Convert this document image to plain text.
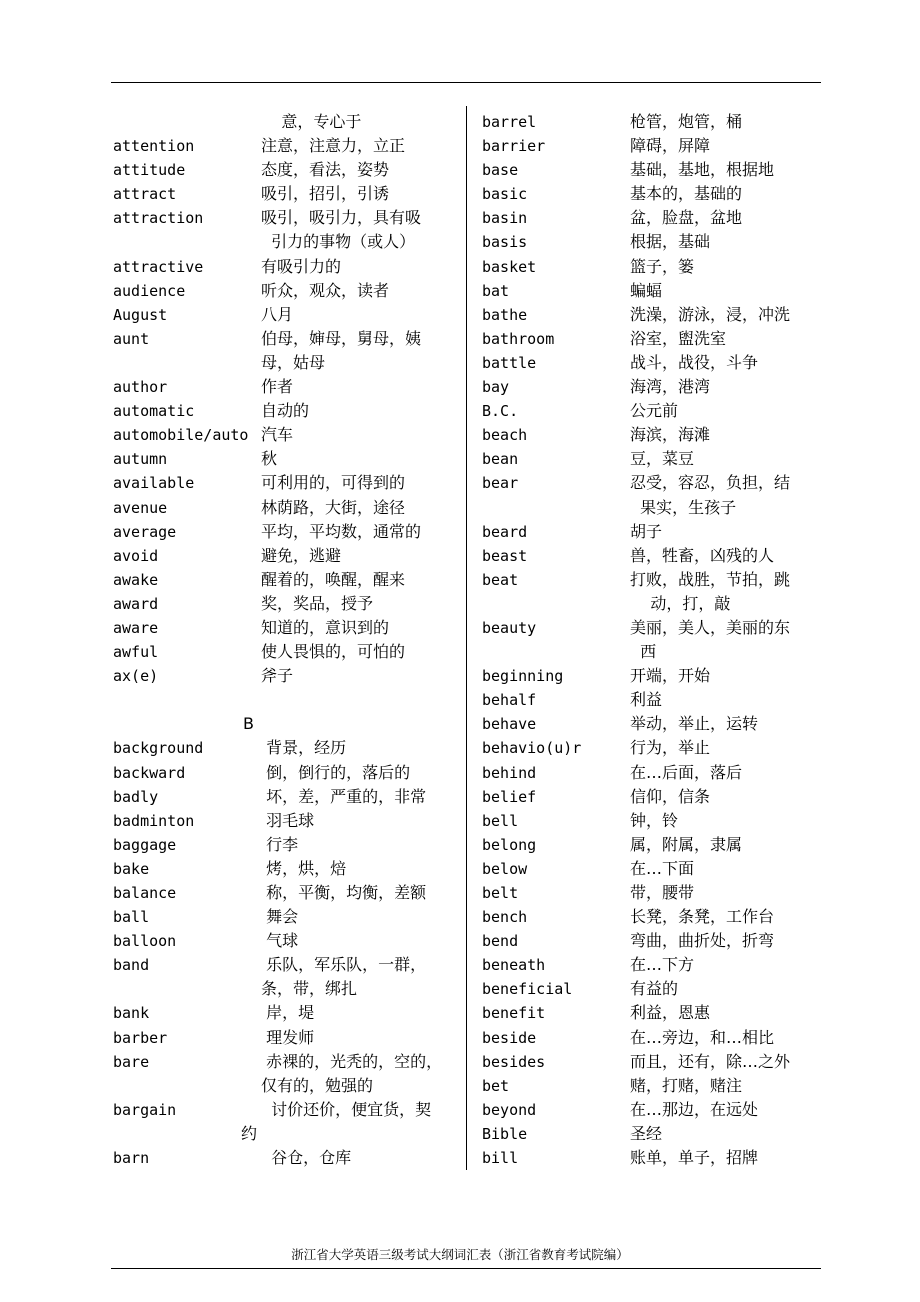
意，专心于
attention	注意，注意力，立正
attitude	态度，看法，姿势
attract	吸引，招引，引诱
attraction	吸引，吸引力，具有吸
引力的事物（或人）
attractive	有吸引力的
audience	听众，观众，读者
August	八月
aunt	伯母，婶母，舅母，姨
母，姑母
author	作者
automatic	自动的
automobile/auto 汽车
autumn	秋
available	可利用的，可得到的
avenue	林荫路，大街，途径
average	平均，平均数，通常的
avoid	避免，逃避
awake	醒着的，唤醒，醒来
award	奖，奖品，授予
aware	知道的，意识到的
awful	使人畏惧的，可怕的
ax(e)	斧子
B
background	背景，经历
backward	倒，倒行的，落后的
badly	坏，差，严重的，非常
badminton	羽毛球
baggage	行李
bake	烤，烘，焙
balance	称，平衡，均衡，差额
ball	舞会
balloon	气球
band	乐队，军乐队，一群，
条，带，绑扎
bank	岸，堤
barber	理发师
bare	赤裸的，光秃的，空的，
仅有的，勉强的
bargain	讨价还价，便宜货，契
约
barn	谷仓，仓库
barrel	枪管，炮管，桶
barrier	障碍，屏障
base	基础，基地，根据地
basic	基本的，基础的
basin	盆，脸盘，盆地
basis	根据，基础
basket	篮子，篓
bat	蝙蝠
bathe	洗澡，游泳，浸，冲洗
bathroom	浴室，盥洗室
battle	战斗，战役，斗争
bay	海湾，港湾
B.C.	公元前
beach	海滨，海滩
bean	豆，菜豆
bear	忍受，容忍，负担，结
果实，生孩子
beard	胡子
beast	兽，牲畜，凶残的人
beat	打败，战胜，节拍，跳
动，打，敲
beauty	美丽，美人，美丽的东
西
beginning	开端，开始
behalf	利益
behave	举动，举止，运转
behavio(u)r	行为，举止
behind	在…后面，落后
belief	信仰，信条
bell	钟，铃
belong	属，附属，隶属
below	在…下面
belt	带，腰带
bench	长凳，条凳，工作台
bend	弯曲，曲折处，折弯
beneath	在…下方
beneficial	有益的
benefit	利益，恩惠
beside	在…旁边，和…相比
besides	而且，还有，除…之外
bet	赌，打赌，赌注
beyond	在…那边，在远处
Bible	圣经
bill	账单，单子，招牌
浙江省大学英语三级考试大纲词汇表（浙江省教育考试院编）
